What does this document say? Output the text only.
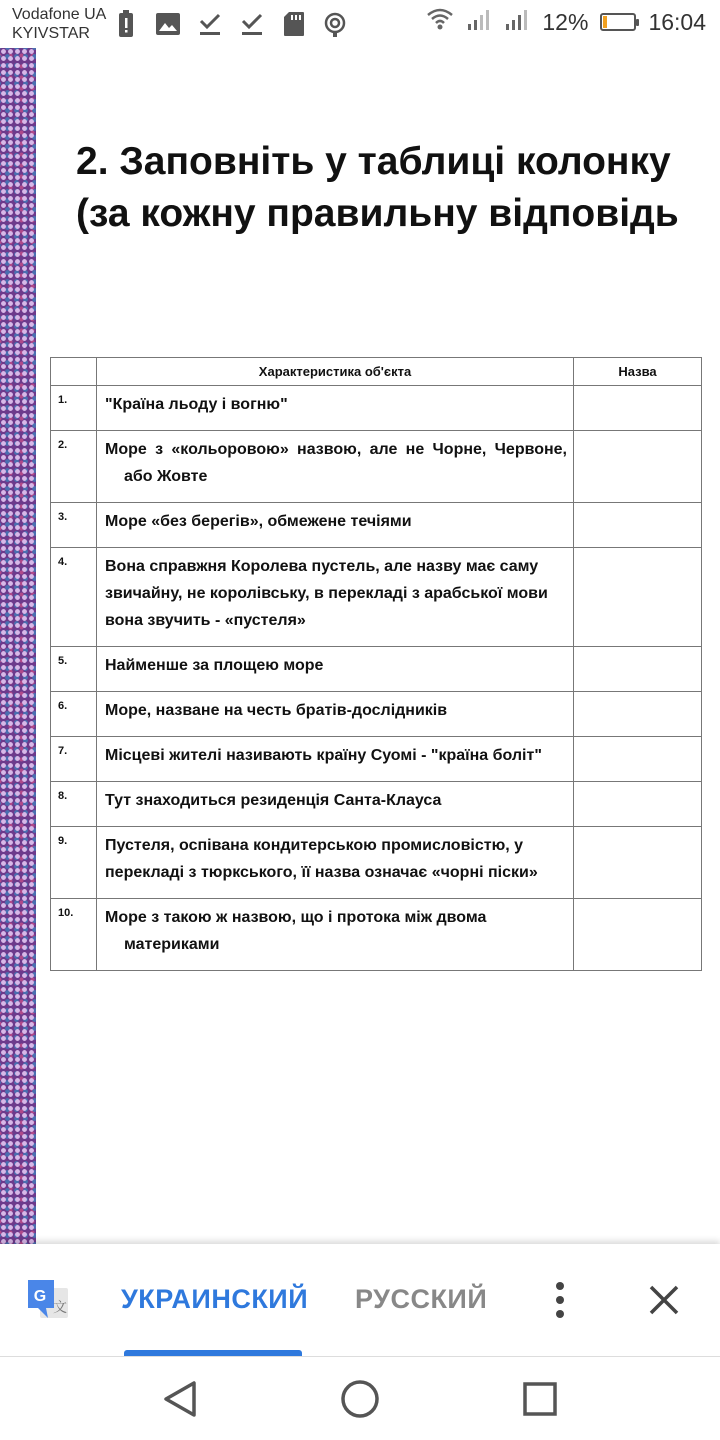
Vodafone UA
KYIVSTAR	12%	16:04
2. Заповніть у таблиці колонку
(за кожну правильну відповідь
	Характеристика об'єкта	Назва
1.	"Країна льоду і вогню"	

2.	Море з «кольоровою» назвою, але не Чорне, Червоне, або Жовте	

3.	Море «без берегів», обмежене течіями	

4.	Вона справжня Королева пустель, але назву має саму звичайну, не королівську, в перекладі з арабської мови вона звучить - «пустеля»	

5.	Найменше за площею море	

6.	Море, назване на честь братів-дослідників	

7.	Місцеві жителі називають країну Суомі - "країна боліт"	

8.	Тут знаходиться резиденція Санта-Клауса	

9.	Пустеля, оспівана кондитерською промисловістю, у перекладі з тюркського, її назва означає «чорні піски»	

10.	Море з такою ж назвою, що і протока між двома материками	

G
文 УКРАИНСКИЙ РУССКИЙ
